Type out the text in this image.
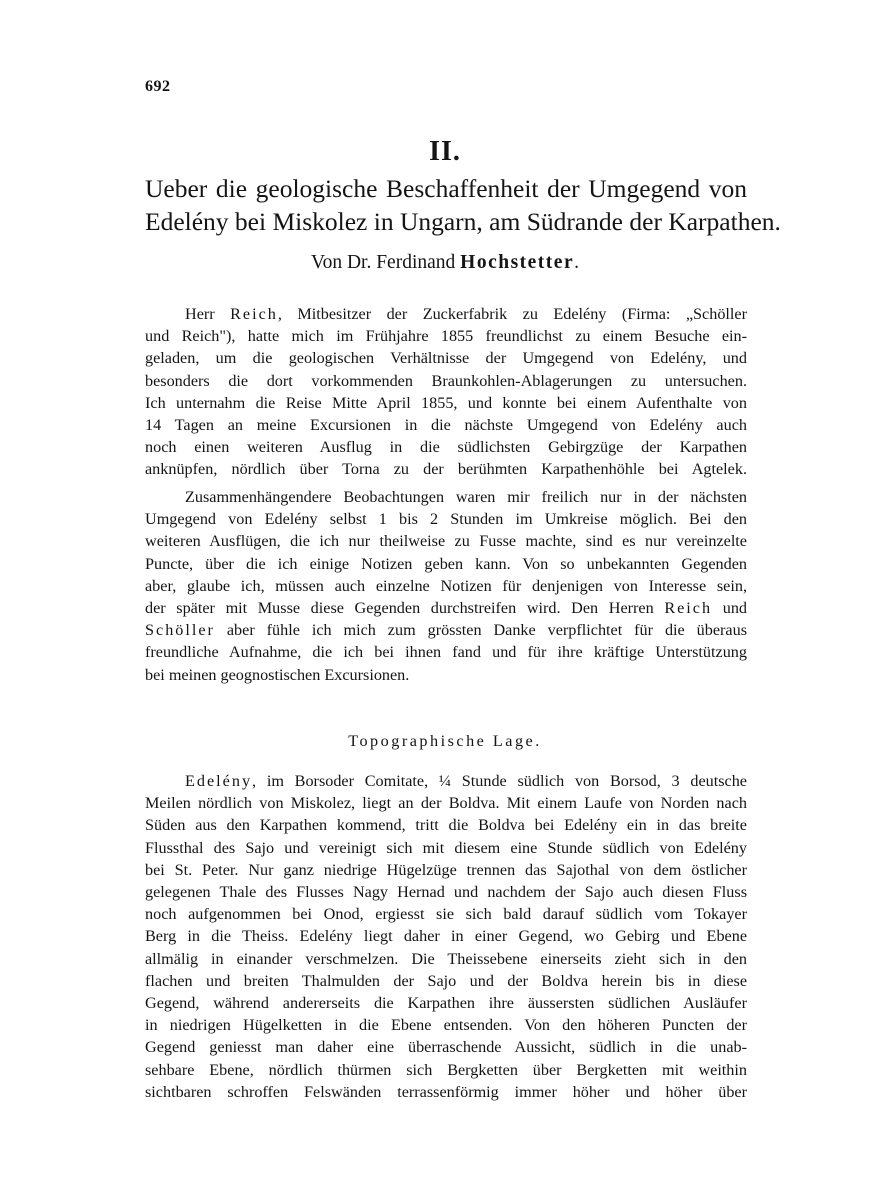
692
II.
Ueber die geologische Beschaffenheit der Umgegend von
Edelény bei Miskolez in Ungarn, am Südrande der Karpathen.
Von Dr. Ferdinand Hochstetter.
Herr Reich, Mitbesitzer der Zuckerfabrik zu Edelény (Firma: „Schöller
und Reich"), hatte mich im Frühjahre 1855 freundlichst zu einem Besuche ein-
geladen, um die geologischen Verhältnisse der Umgegend von Edelény, und
besonders die dort vorkommenden Braunkohlen-Ablagerungen zu untersuchen.
Ich unternahm die Reise Mitte April 1855, und konnte bei einem Aufenthalte von
14 Tagen an meine Excursionen in die nächste Umgegend von Edelény auch
noch einen weiteren Ausflug in die südlichsten Gebirgzüge der Karpathen
anknüpfen, nördlich über Torna zu der berühmten Karpathenhöhle bei Agtelek.
Zusammenhängendere Beobachtungen waren mir freilich nur in der nächsten
Umgegend von Edelény selbst 1 bis 2 Stunden im Umkreise möglich. Bei den
weiteren Ausflügen, die ich nur theilweise zu Fusse machte, sind es nur vereinzelte
Puncte, über die ich einige Notizen geben kann. Von so unbekannten Gegenden
aber, glaube ich, müssen auch einzelne Notizen für denjenigen von Interesse sein,
der später mit Musse diese Gegenden durchstreifen wird. Den Herren Reich und
Schöller aber fühle ich mich zum grössten Danke verpflichtet für die überaus
freundliche Aufnahme, die ich bei ihnen fand und für ihre kräftige Unterstützung
bei meinen geognostischen Excursionen.
Topographische Lage.
Edelény, im Borsoder Comitate, ¼ Stunde südlich von Borsod, 3 deutsche
Meilen nördlich von Miskolez, liegt an der Boldva. Mit einem Laufe von Norden nach
Süden aus den Karpathen kommend, tritt die Boldva bei Edelény ein in das breite
Flussthal des Sajo und vereinigt sich mit diesem eine Stunde südlich von Edelény
bei St. Peter. Nur ganz niedrige Hügelzüge trennen das Sajothal von dem östlicher
gelegenen Thale des Flusses Nagy Hernad und nachdem der Sajo auch diesen Fluss
noch aufgenommen bei Onod, ergiesst sie sich bald darauf südlich vom Tokayer
Berg in die Theiss. Edelény liegt daher in einer Gegend, wo Gebirg und Ebene
allmälig in einander verschmelzen. Die Theissebene einerseits zieht sich in den
flachen und breiten Thalmulden der Sajo und der Boldva herein bis in diese
Gegend, während andererseits die Karpathen ihre äussersten südlichen Ausläufer
in niedrigen Hügelketten in die Ebene entsenden. Von den höheren Puncten der
Gegend geniesst man daher eine überraschende Aussicht, südlich in die unab-
sehbare Ebene, nördlich thürmen sich Bergketten über Bergketten mit weithin
sichtbaren schroffen Felswänden terrassenförmig immer höher und höher über
